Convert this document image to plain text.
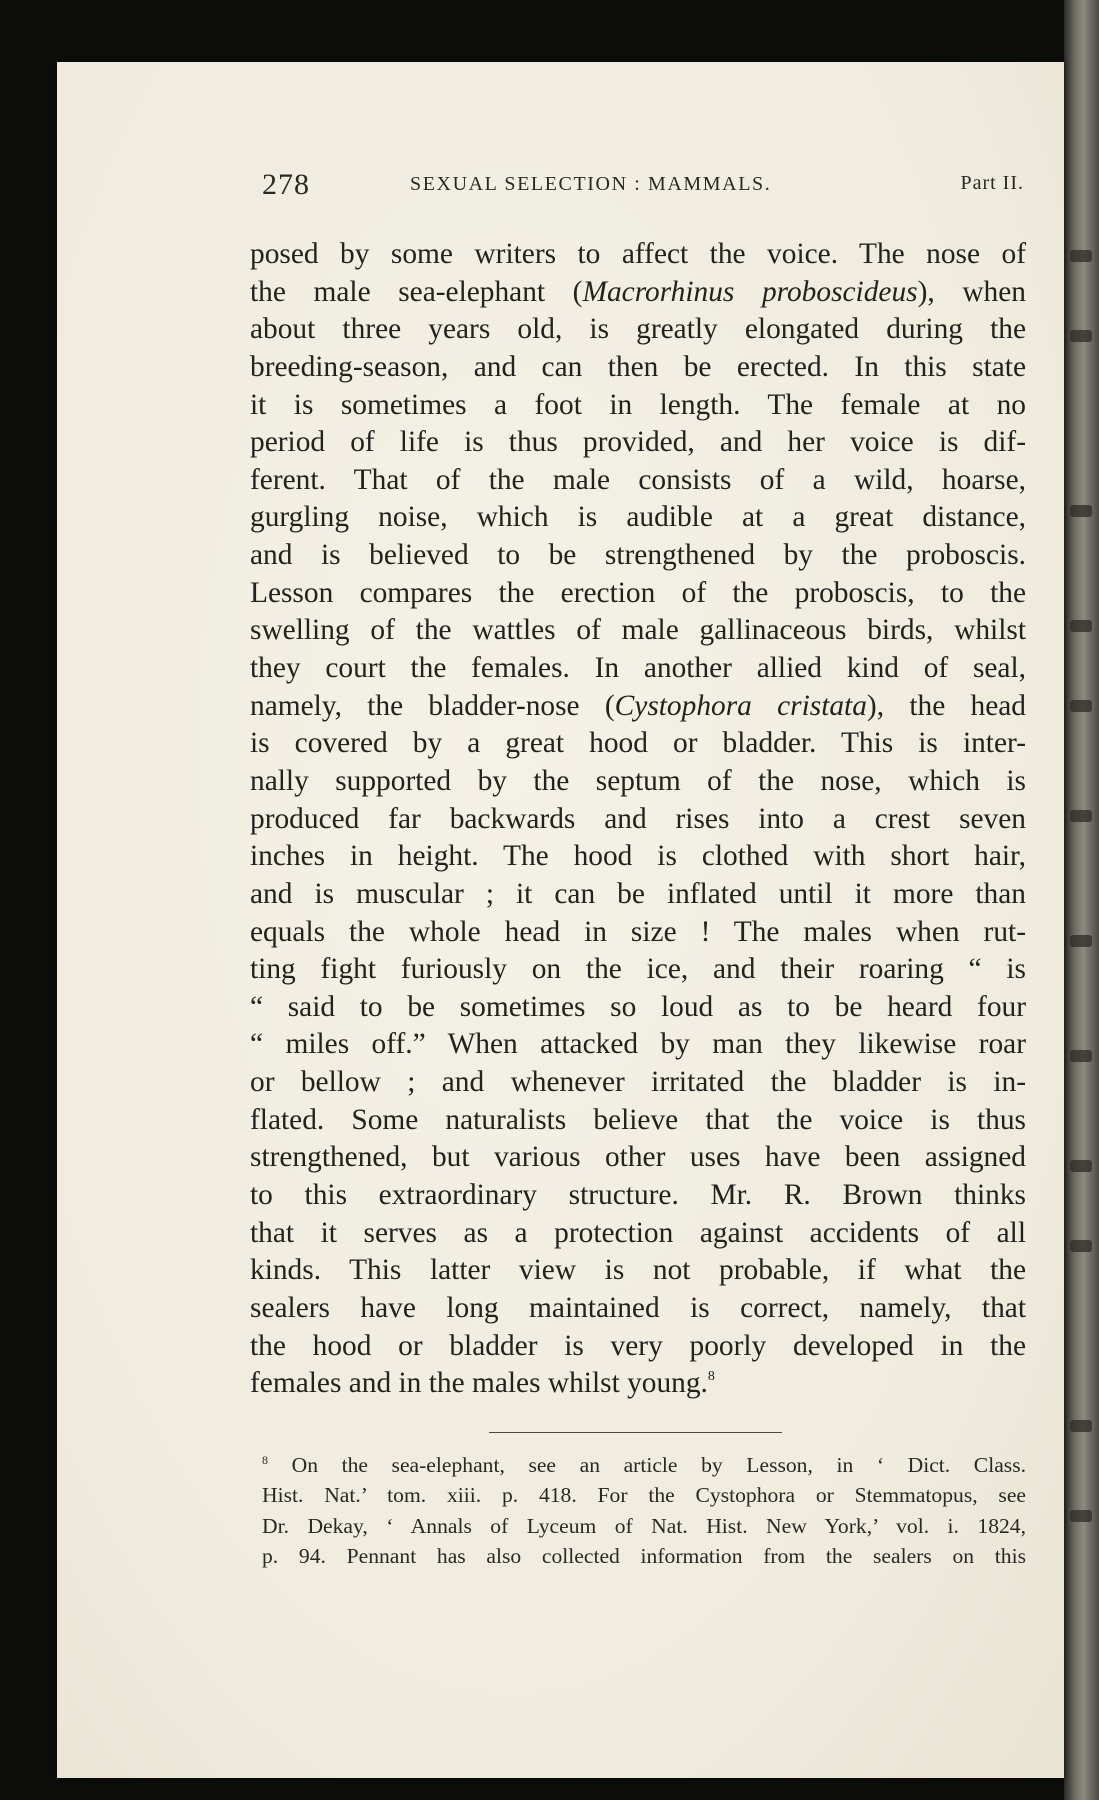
278	SEXUAL SELECTION : MAMMALS.	Part II.
posed by some writers to affect the voice. The nose of
the male sea-elephant (Macrorhinus proboscideus), when
about three years old, is greatly elongated during the
breeding-season, and can then be erected. In this state
it is sometimes a foot in length. The female at no
period of life is thus provided, and her voice is dif-
ferent. That of the male consists of a wild, hoarse,
gurgling noise, which is audible at a great distance,
and is believed to be strengthened by the proboscis.
Lesson compares the erection of the proboscis, to the
swelling of the wattles of male gallinaceous birds, whilst
they court the females. In another allied kind of seal,
namely, the bladder-nose (Cystophora cristata), the head
is covered by a great hood or bladder. This is inter-
nally supported by the septum of the nose, which is
produced far backwards and rises into a crest seven
inches in height. The hood is clothed with short hair,
and is muscular ; it can be inflated until it more than
equals the whole head in size ! The males when rut-
ting fight furiously on the ice, and their roaring “ is
“ said to be sometimes so loud as to be heard four
“ miles off.” When attacked by man they likewise roar
or bellow ; and whenever irritated the bladder is in-
flated. Some naturalists believe that the voice is thus
strengthened, but various other uses have been assigned
to this extraordinary structure. Mr. R. Brown thinks
that it serves as a protection against accidents of all
kinds. This latter view is not probable, if what the
sealers have long maintained is correct, namely, that
the hood or bladder is very poorly developed in the
females and in the males whilst young.$^8$
$^8$ On the sea-elephant, see an article by Lesson, in ‘ Dict. Class.
Hist. Nat.’ tom. xiii. p. 418. For the Cystophora or Stemmatopus, see
Dr. Dekay, ‘ Annals of Lyceum of Nat. Hist. New York,’ vol. i. 1824,
p. 94. Pennant has also collected information from the sealers on this
